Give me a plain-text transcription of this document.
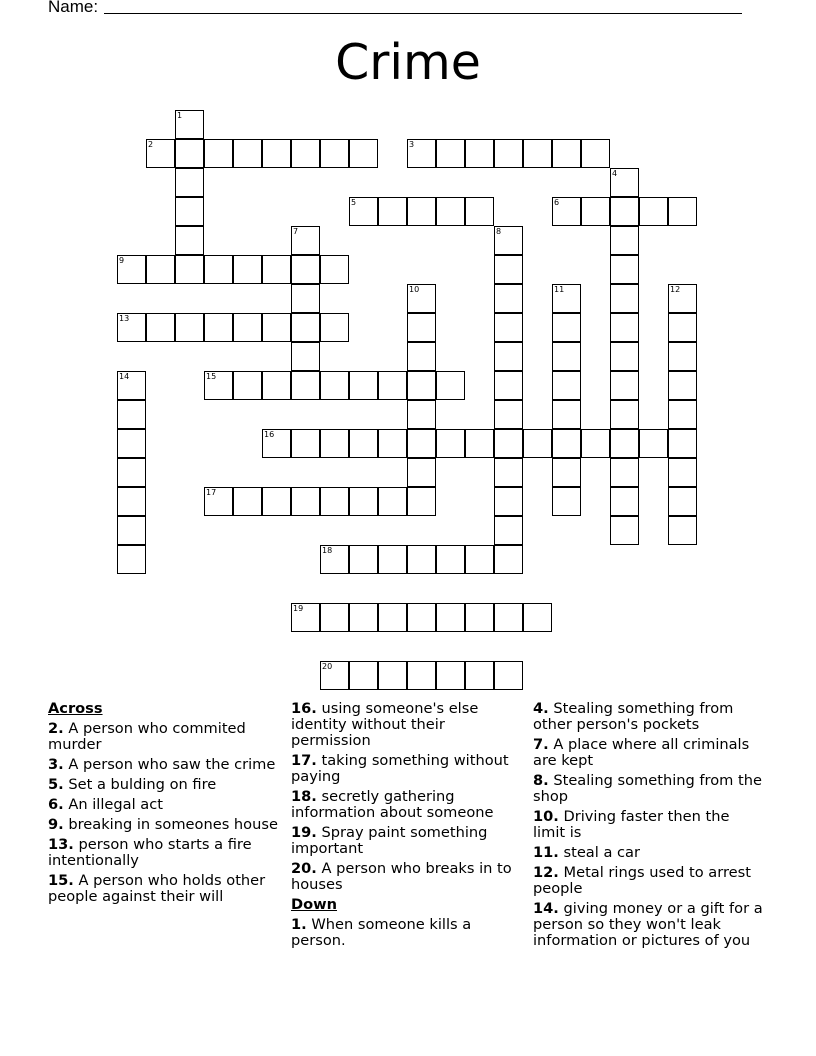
Name:
Crime
1
2	3
4
5	6
7	8
9
10	11	12
13
14	15
16
17
18
19
20
Across
2. A person who commited murder
3. A person who saw the crime
5. Set a bulding on fire
6. An illegal act
9. breaking in someones house
13. person who starts a fire intentionally
15. A person who holds other people against their will
16. using someone's else identity without their permission
17. taking something without paying
18. secretly gathering information about someone
19. Spray paint something important
20. A person who breaks in to houses
Down
1. When someone kills a person.
4. Stealing something from other person's pockets
7. A place where all criminals are kept
8. Stealing something from the shop
10. Driving faster then the limit is
11. steal a car
12. Metal rings used to arrest people
14. giving money or a gift for a person so they won't leak information or pictures of you
